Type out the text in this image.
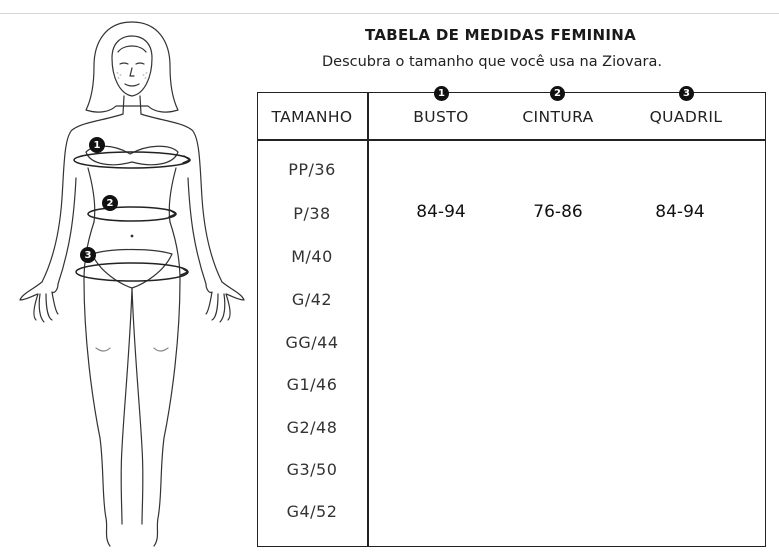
1
2
3
TABELA DE MEDIDAS FEMININA
Descubra o tamanho que você usa na Ziovara.
TAMANHO
1
BUSTO
2
CINTURA
3
QUADRIL
PP/36
P/38
M/40
G/42
GG/44
G1/46
G2/48
G3/50
G4/52
84-94	76-86	84-94
